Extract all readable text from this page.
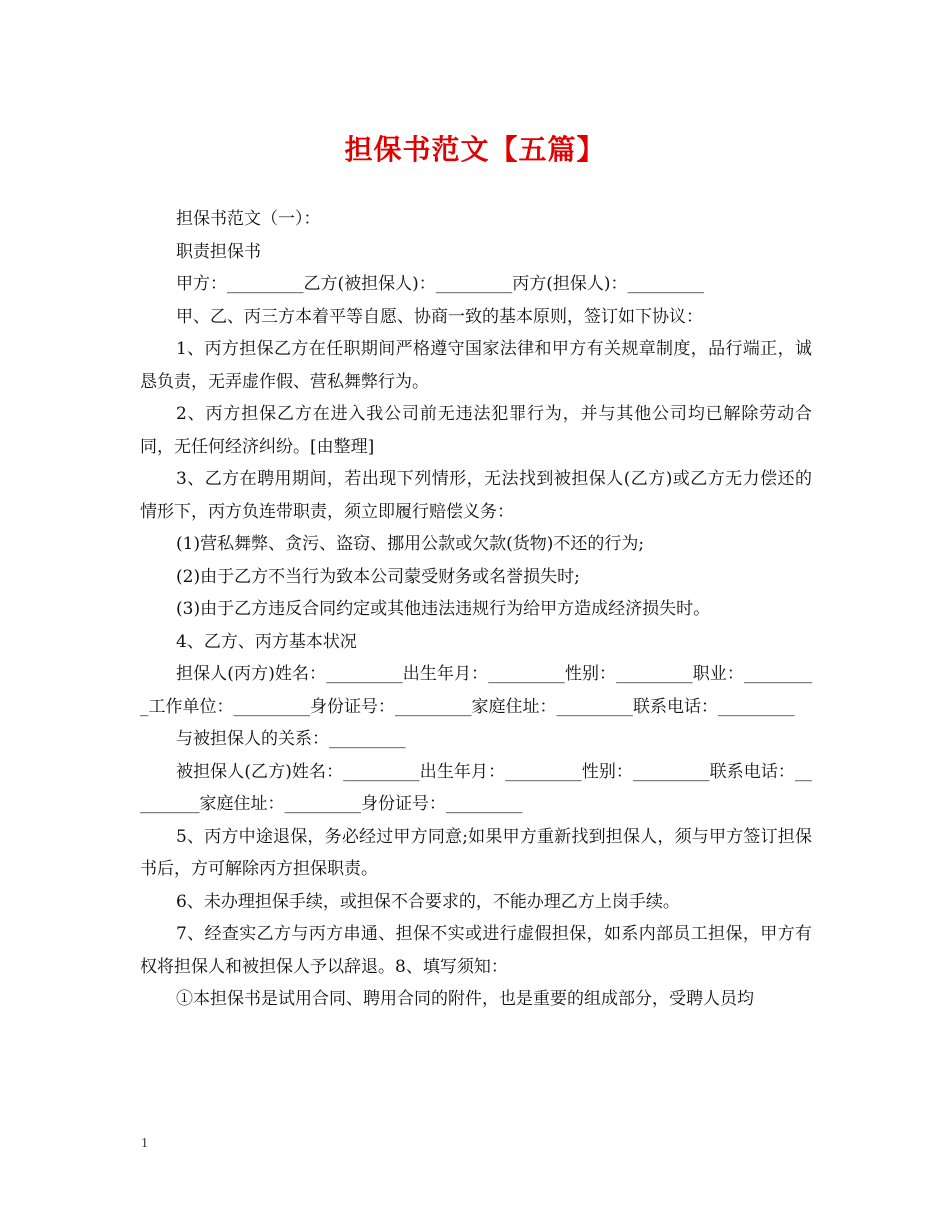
担保书范文【五篇】

担保书范文（一）：

职责担保书

甲方：_________乙方(被担保人)：_________丙方(担保人)：_________

甲、乙、丙三方本着平等自愿、协商一致的基本原则，签订如下协议：

1、丙方担保乙方在任职期间严格遵守国家法律和甲方有关规章制度，品行端正，诚恳负责，无弄虚作假、营私舞弊行为。

2、丙方担保乙方在进入我公司前无违法犯罪行为，并与其他公司均已解除劳动合同，无任何经济纠纷。[由整理]

3、乙方在聘用期间，若出现下列情形，无法找到被担保人(乙方)或乙方无力偿还的情形下，丙方负连带职责，须立即履行赔偿义务：

(1)营私舞弊、贪污、盗窃、挪用公款或欠款(货物)不还的行为;

(2)由于乙方不当行为致本公司蒙受财务或名誉损失时;

(3)由于乙方违反合同约定或其他违法违规行为给甲方造成经济损失时。

4、乙方、丙方基本状况

担保人(丙方)姓名：_________出生年月：_________性别：_________职业：_________工作单位：_________身份证号：_________家庭住址：_________联系电话：_________

与被担保人的关系：_________

被担保人(乙方)姓名：_________出生年月：_________性别：_________联系电话：_________家庭住址：_________身份证号：_________

5、丙方中途退保，务必经过甲方同意;如果甲方重新找到担保人，须与甲方签订担保书后，方可解除丙方担保职责。

6、未办理担保手续，或担保不合要求的，不能办理乙方上岗手续。

7、经查实乙方与丙方串通、担保不实或进行虚假担保，如系内部员工担保，甲方有权将担保人和被担保人予以辞退。8、填写须知：

①本担保书是试用合同、聘用合同的附件，也是重要的组成部分，受聘人员均

1
